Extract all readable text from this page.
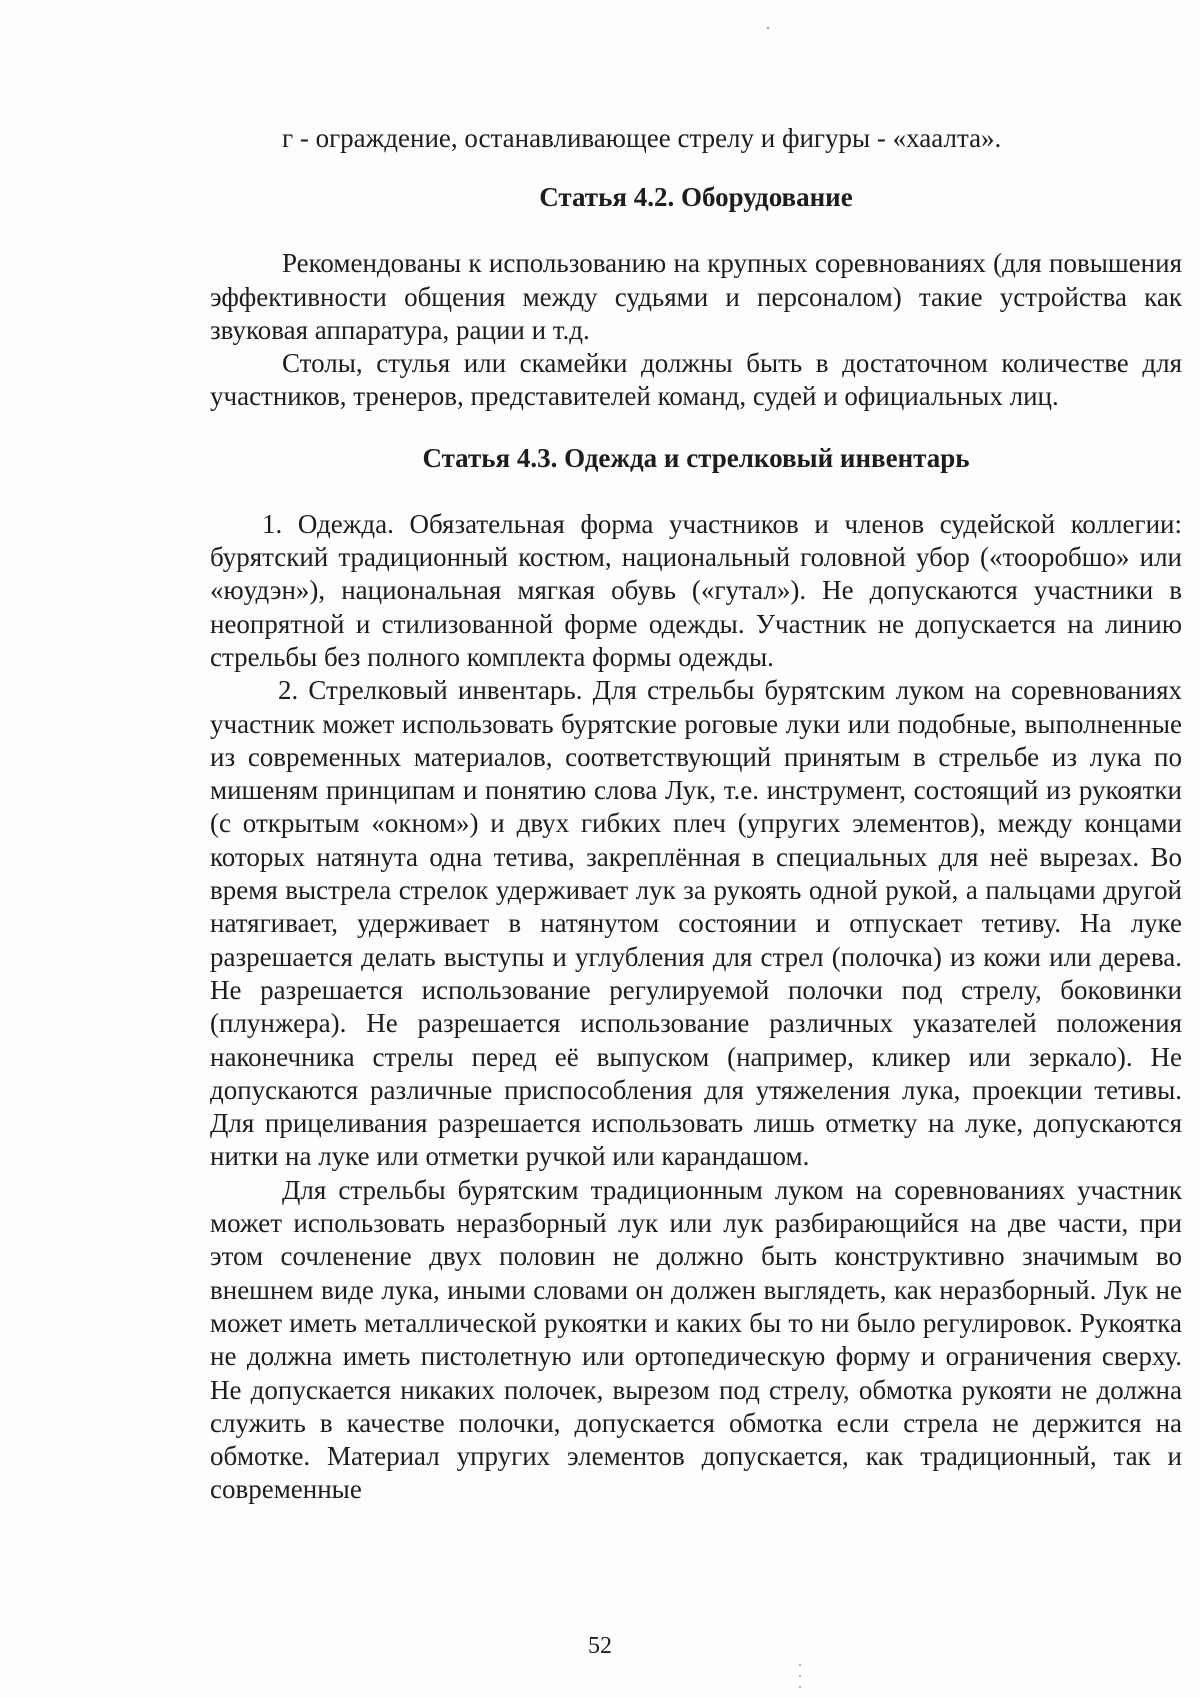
г - ограждение, останавливающее стрелу и фигуры - «хаалта».

Статья 4.2. Оборудование

Рекомендованы к использованию на крупных соревнованиях (для повышения эффективности общения между судьями и персоналом) такие устройства как звуковая аппаратура, рации и т.д.

Столы, стулья или скамейки должны быть в достаточном количестве для участников, тренеров, представителей команд, судей и официальных лиц.

Статья 4.3. Одежда и стрелковый инвентарь

1. Одежда. Обязательная форма участников и членов судейской коллегии: бурятский традиционный костюм, национальный головной убор («тооробшо» или «юудэн»), национальная мягкая обувь («гутал»). Не допускаются участники в неопрятной и стилизованной форме одежды. Участник не допускается на линию стрельбы без полного комплекта формы одежды.

2. Стрелковый инвентарь. Для стрельбы бурятским луком на соревнованиях участник может использовать бурятские роговые луки или подобные, выполненные из современных материалов, соответствующий принятым в стрельбе из лука по мишеням принципам и понятию слова Лук, т.е. инструмент, состоящий из рукоятки (с открытым «окном») и двух гибких плеч (упругих элементов), между концами которых натянута одна тетива, закреплённая в специальных для неё вырезах. Во время выстрела стрелок удерживает лук за рукоять одной рукой, а пальцами другой натягивает, удерживает в натянутом состоянии и отпускает тетиву. На луке разрешается делать выступы и углубления для стрел (полочка) из кожи или дерева. Не разрешается использование регулируемой полочки под стрелу, боковинки (плунжера). Не разрешается использование различных указателей положения наконечника стрелы перед её выпуском (например, кликер или зеркало). Не допускаются различные приспособления для утяжеления лука, проекции тетивы. Для прицеливания разрешается использовать лишь отметку на луке, допускаются нитки на луке или отметки ручкой или карандашом.

Для стрельбы бурятским традиционным луком на соревнованиях участник может использовать неразборный лук или лук разбирающийся на две части, при этом сочленение двух половин не должно быть конструктивно значимым во внешнем виде лука, иными словами он должен выглядеть, как неразборный. Лук не может иметь металлической рукоятки и каких бы то ни было регулировок. Рукоятка не должна иметь пистолетную или ортопедическую форму и ограничения сверху. Не допускается никаких полочек, вырезом под стрелу, обмотка рукояти не должна служить в качестве полочки, допускается обмотка если стрела не держится на обмотке. Материал упругих элементов допускается, как традиционный, так и современные

52
